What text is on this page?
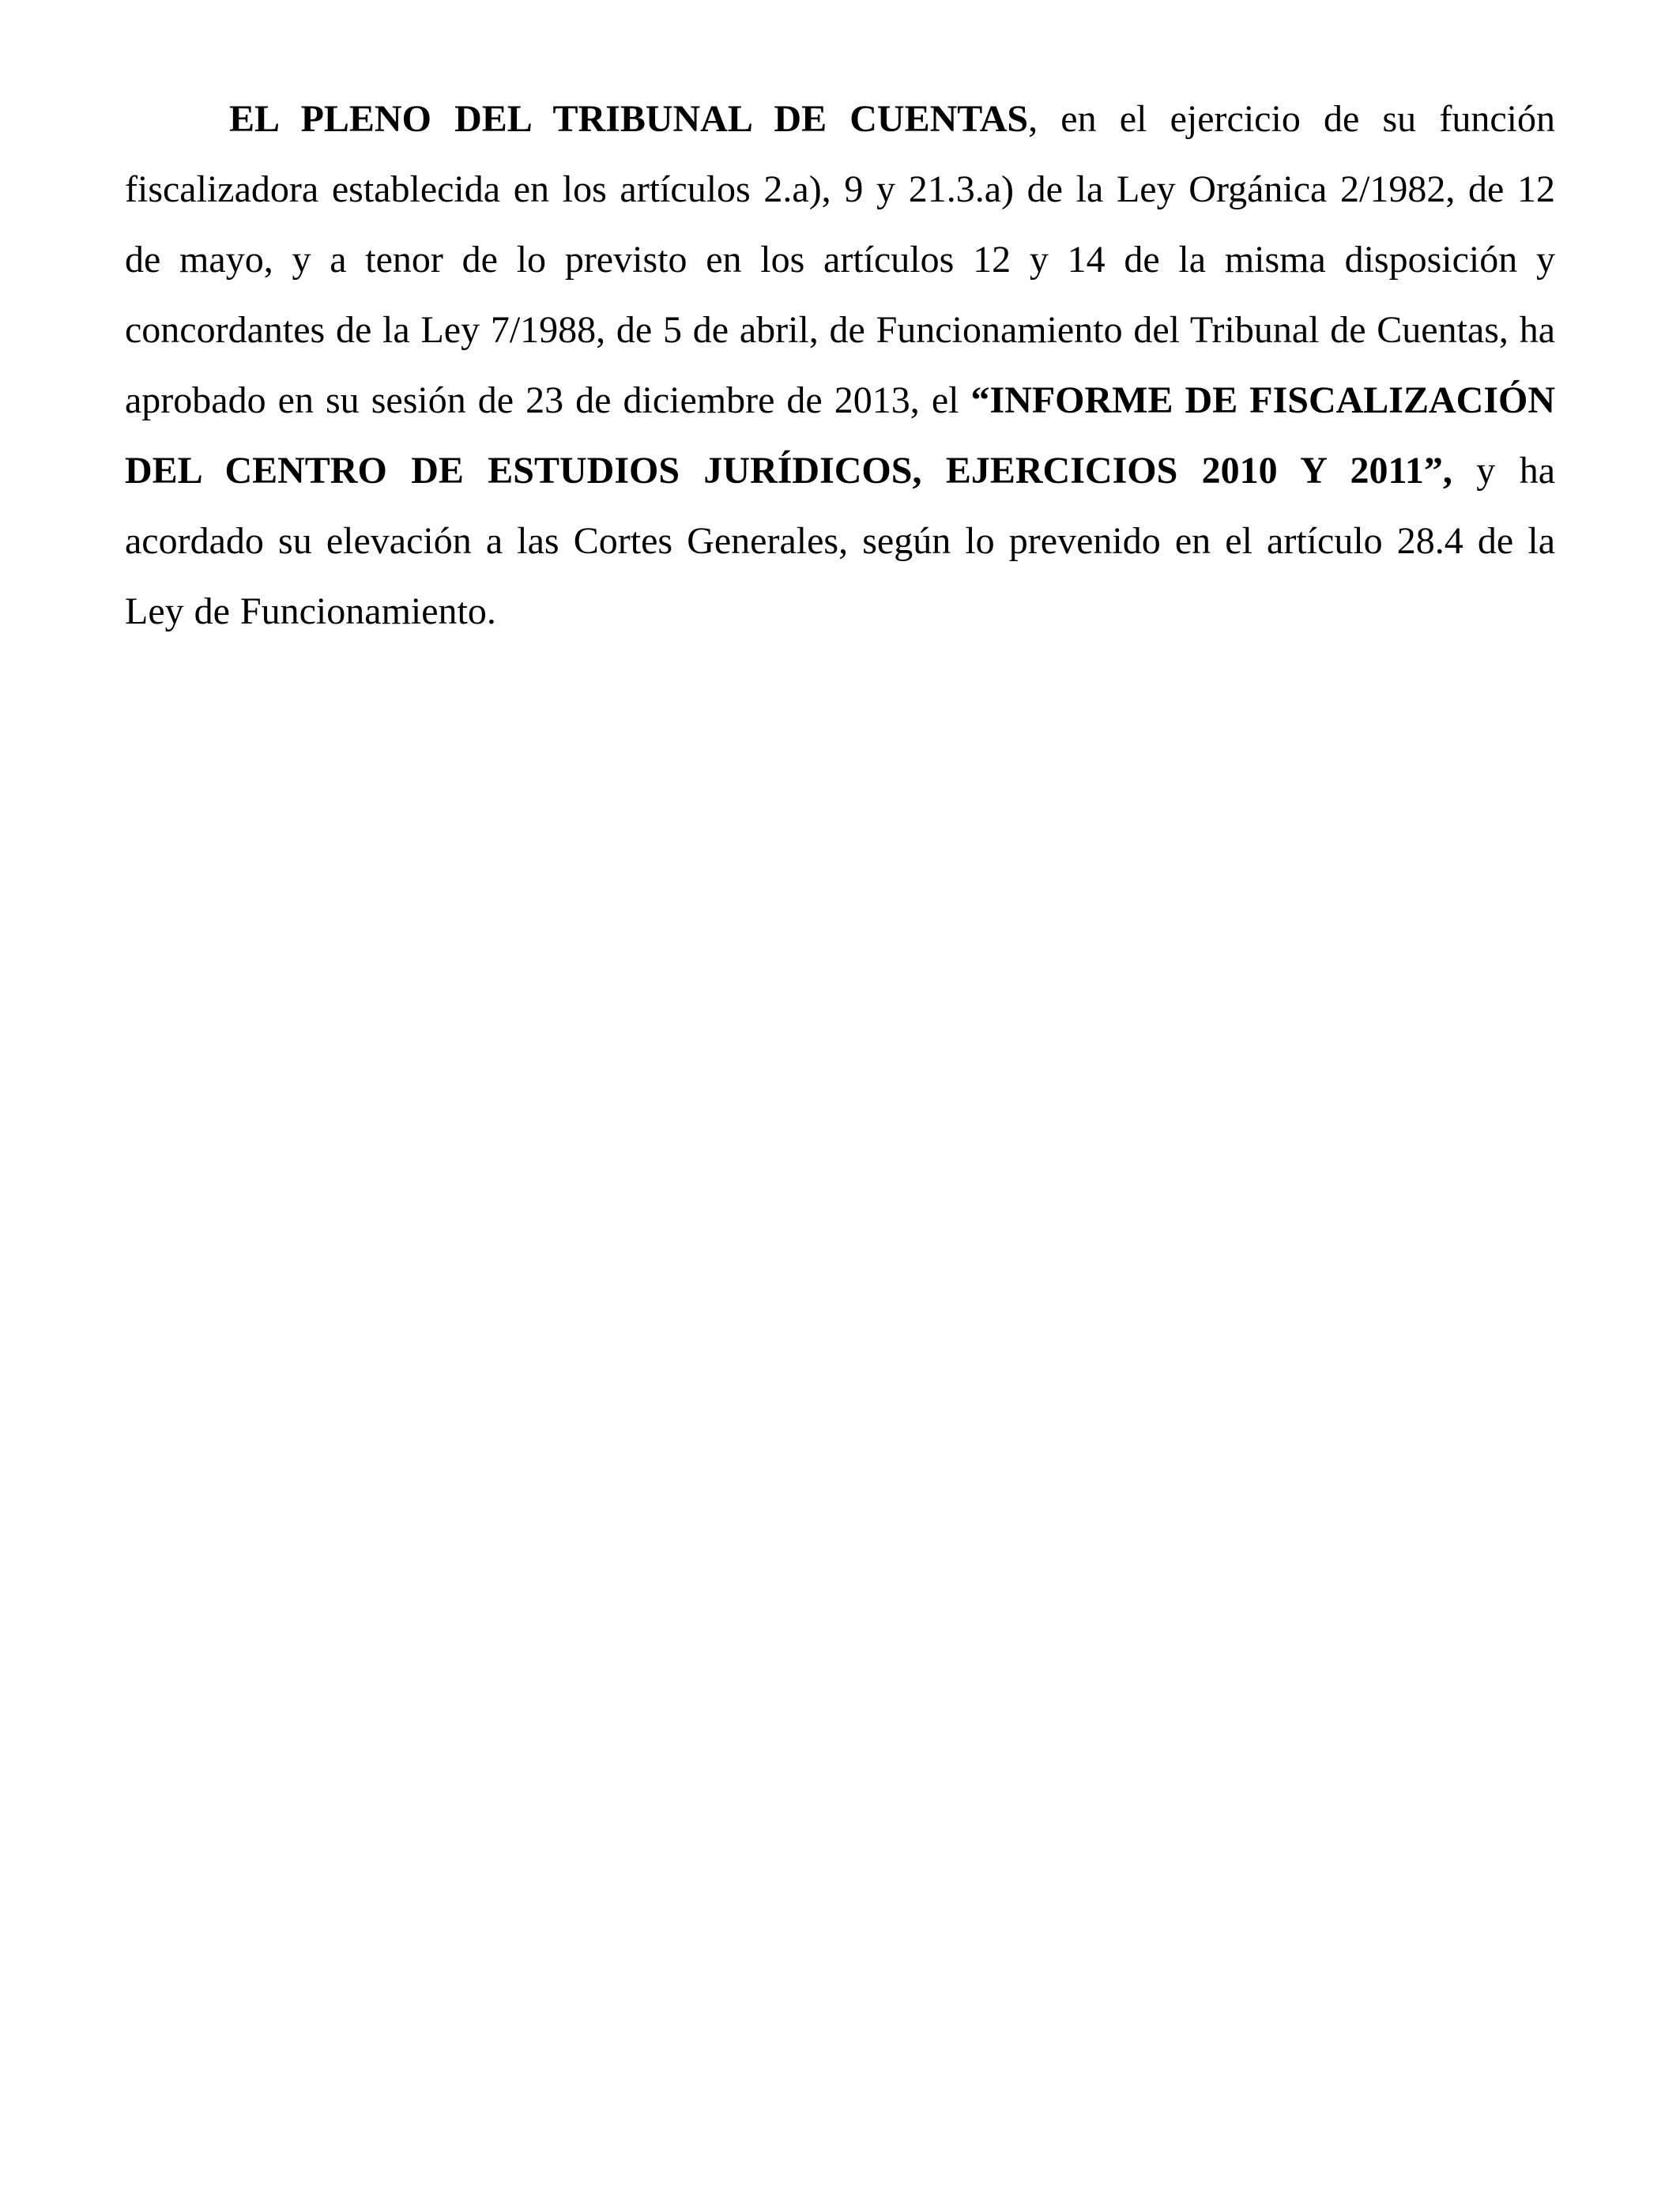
EL PLENO DEL TRIBUNAL DE CUENTAS, en el ejercicio de su función fiscalizadora establecida en los artículos 2.a), 9 y 21.3.a) de la Ley Orgánica 2/1982, de 12 de mayo, y a tenor de lo previsto en los artículos 12 y 14 de la misma disposición y concordantes de la Ley 7/1988, de 5 de abril, de Funcionamiento del Tribunal de Cuentas, ha aprobado en su sesión de 23 de diciembre de 2013, el “INFORME DE FISCALIZACIÓN DEL CENTRO DE ESTUDIOS JURÍDICOS, EJERCICIOS 2010 Y 2011”, y ha acordado su elevación a las Cortes Generales, según lo prevenido en el artículo 28.4 de la Ley de Funcionamiento.
